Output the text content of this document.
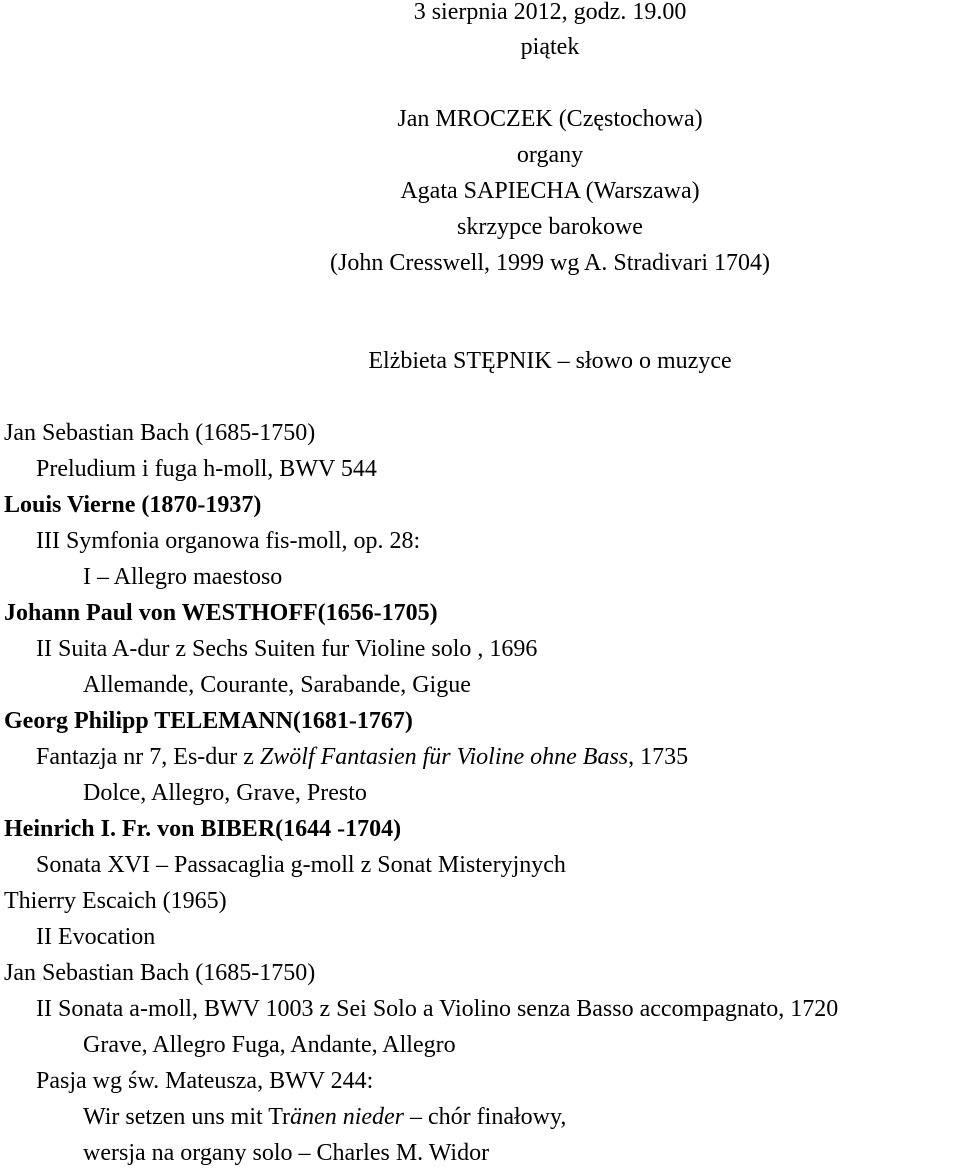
3 sierpnia 2012, godz. 19.00
piątek
Jan MROCZEK (Częstochowa)
organy
Agata SAPIECHA (Warszawa)
skrzypce barokowe
(John Cresswell, 1999 wg A. Stradivari 1704)
Elżbieta STĘPNIK – słowo o muzyce
Jan Sebastian Bach (1685-1750)
Preludium i fuga h-moll, BWV 544
Louis Vierne (1870-1937)
III Symfonia organowa fis-moll, op. 28:
I – Allegro maestoso
Johann Paul von WESTHOFF(1656-1705)
II Suita A-dur z Sechs Suiten fur Violine solo , 1696
Allemande, Courante, Sarabande, Gigue
Georg Philipp TELEMANN(1681-1767)
Fantazja nr 7, Es-dur z Zwölf Fantasien für Violine ohne Bass, 1735
Dolce, Allegro, Grave, Presto
Heinrich I. Fr. von BIBER(1644 -1704)
Sonata XVI – Passacaglia g-moll z Sonat Misteryjnych
Thierry Escaich (1965)
II Evocation
Jan Sebastian Bach (1685-1750)
II Sonata a-moll, BWV 1003 z Sei Solo a Violino senza Basso accompagnato, 1720
Grave, Allegro Fuga, Andante, Allegro
Pasja wg św. Mateusza, BWV 244:
Wir setzen uns mit Tränen nieder – chór finałowy,
wersja na organy solo – Charles M. Widor
